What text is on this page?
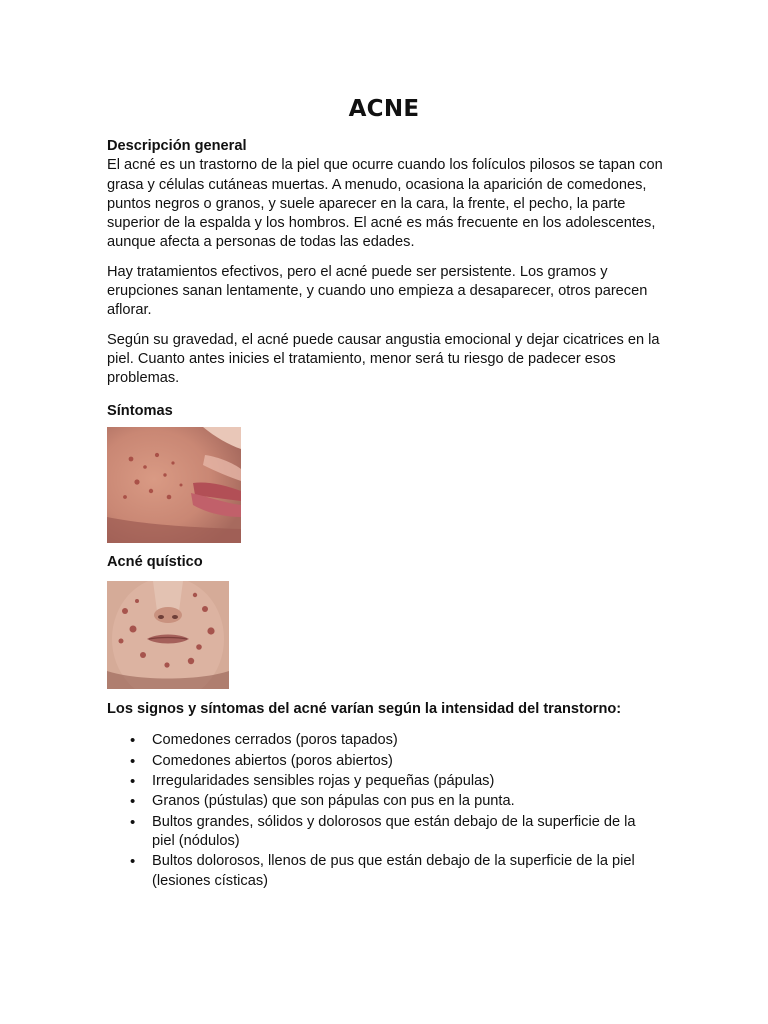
ACNE
Descripción general

El acné es un trastorno de la piel que ocurre cuando los folículos pilosos se tapan con grasa y células cutáneas muertas. A menudo, ocasiona la aparición de comedones, puntos negros o granos, y suele aparecer en la cara, la frente, el pecho, la parte superior de la espalda y los hombros. El acné es más frecuente en los adolescentes, aunque afecta a personas de todas las edades.

Hay tratamientos efectivos, pero el acné puede ser persistente. Los gramos y erupciones sanan lentamente, y cuando uno empieza a desaparecer, otros parecen aflorar.

Según su gravedad, el acné puede causar angustia emocional y dejar cicatrices en la piel. Cuanto antes inicies el tratamiento, menor será tu riesgo de padecer esos problemas.

Síntomas
Acné quístico
Los signos y síntomas del acné varían según la intensidad del transtorno:
• Comedones cerrados (poros tapados)
• Comedones abiertos (poros abiertos)
• Irregularidades sensibles rojas y pequeñas (pápulas)
• Granos (pústulas) que son pápulas con pus en la punta.
• Bultos grandes, sólidos y dolorosos que están debajo de la superficie de la piel (nódulos)
• Bultos dolorosos, llenos de pus que están debajo de la superficie de la piel (lesiones císticas)
